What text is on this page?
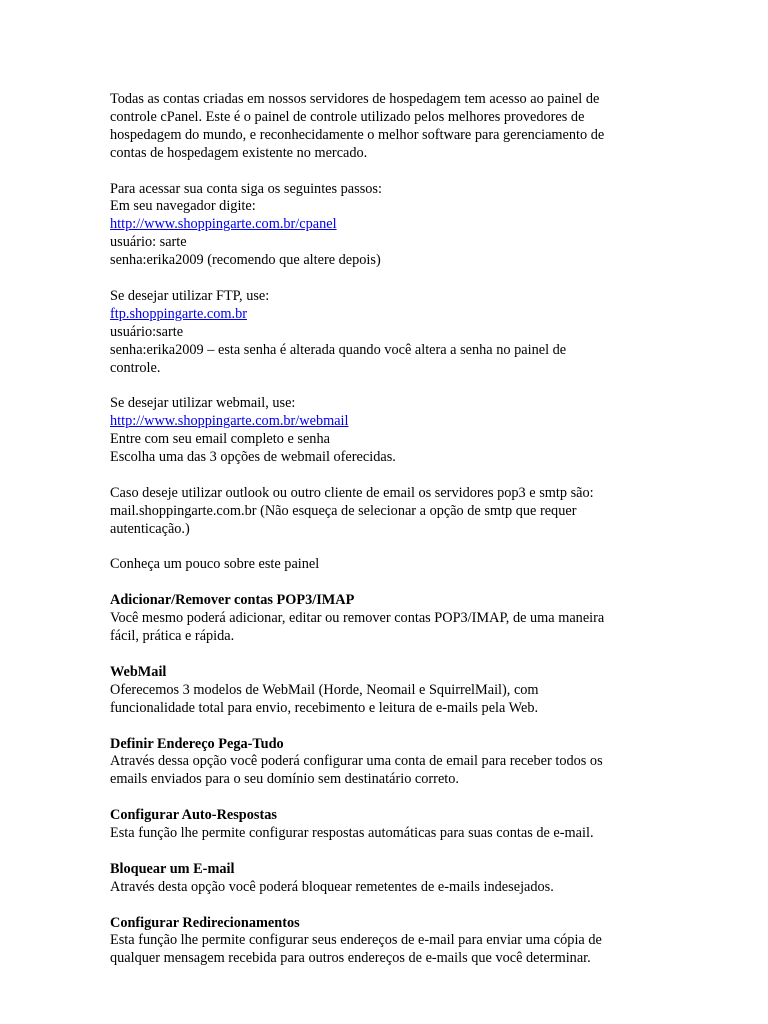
Todas as contas criadas em nossos servidores de hospedagem tem acesso ao painel de
controle cPanel. Este é o painel de controle utilizado pelos melhores provedores de
hospedagem do mundo, e reconhecidamente o melhor software para gerenciamento de
contas de hospedagem existente no mercado.

Para acessar sua conta siga os seguintes passos:
Em seu navegador digite:
http://www.shoppingarte.com.br/cpanel
usuário: sarte
senha:erika2009 (recomendo que altere depois)

Se desejar utilizar FTP, use:
ftp.shoppingarte.com.br
usuário:sarte
senha:erika2009 – esta senha é alterada quando você altera a senha no painel de
controle.

Se desejar utilizar webmail, use:
http://www.shoppingarte.com.br/webmail
Entre com seu email completo e senha
Escolha uma das 3 opções de webmail oferecidas.

Caso deseje utilizar outlook ou outro cliente de email os servidores pop3 e smtp são:
mail.shoppingarte.com.br (Não esqueça de selecionar a opção de smtp que requer
autenticação.)

Conheça um pouco sobre este painel

Adicionar/Remover contas POP3/IMAP
Você mesmo poderá adicionar, editar ou remover contas POP3/IMAP, de uma maneira
fácil, prática e rápida.
WebMail
Oferecemos 3 modelos de WebMail (Horde, Neomail e SquirrelMail), com
funcionalidade total para envio, recebimento e leitura de e-mails pela Web.
Definir Endereço Pega-Tudo
Através dessa opção você poderá configurar uma conta de email para receber todos os
emails enviados para o seu domínio sem destinatário correto.
Configurar Auto-Respostas
Esta função lhe permite configurar respostas automáticas para suas contas de e-mail.
Bloquear um E-mail
Através desta opção você poderá bloquear remetentes de e-mails indesejados.
Configurar Redirecionamentos
Esta função lhe permite configurar seus endereços de e-mail para enviar uma cópia de
qualquer mensagem recebida para outros endereços de e-mails que você determinar.
